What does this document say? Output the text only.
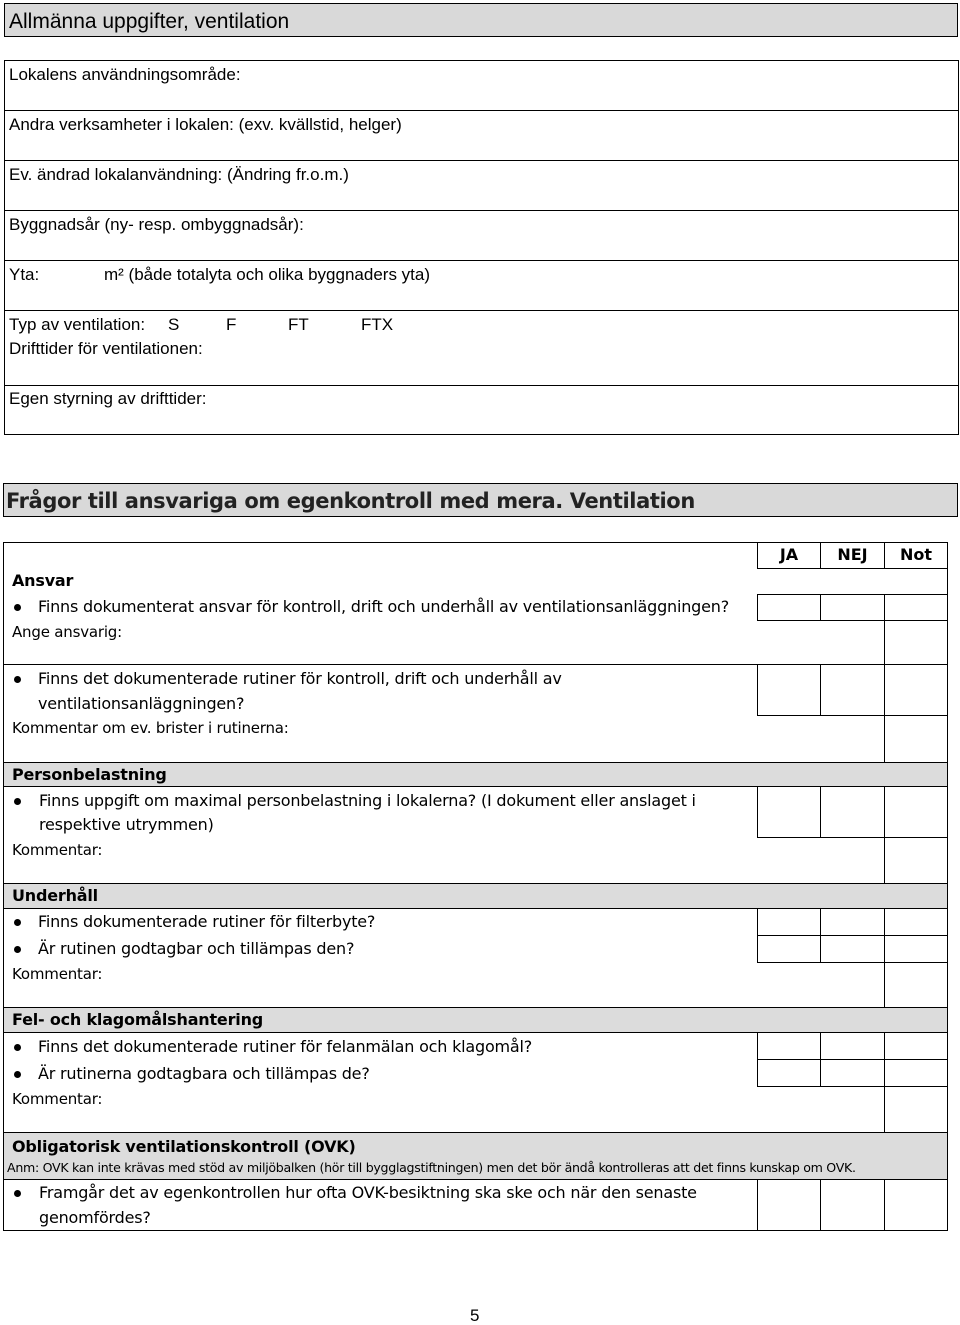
Allmänna uppgifter, ventilation
Lokalens användningsområde:
Andra verksamheter i lokalen: (exv. kvällstid, helger)
Ev. ändrad lokalanvändning: (Ändring fr.o.m.)
Byggnadsår (ny- resp. ombyggnadsår):
Yta:	m² (både totalyta och olika byggnaders yta)
Typ av ventilation: S	F	FT	FTX
Drifttider för ventilationen:
Egen styrning av drifttider:
Frågor till ansvariga om egenkontroll med mera. Ventilation
JA	NEJ	Not
Ansvar
Finns dokumenterat ansvar för kontroll, drift och underhåll av ventilationsanläggningen?
Ange ansvarig:
Finns det dokumenterade rutiner för kontroll, drift och underhåll av
ventilationsanläggningen?
Kommentar om ev. brister i rutinerna:
Personbelastning
Finns uppgift om maximal personbelastning i lokalerna? (I dokument eller anslaget i
respektive utrymmen)
Kommentar:
Underhåll
Finns dokumenterade rutiner för filterbyte?
Är rutinen godtagbar och tillämpas den?
Kommentar:
Fel- och klagomålshantering
Finns det dokumenterade rutiner för felanmälan och klagomål?
Är rutinerna godtagbara och tillämpas de?
Kommentar:
Obligatorisk ventilationskontroll (OVK)
Anm: OVK kan inte krävas med stöd av miljöbalken (hör till bygglagstiftningen) men det bör ändå kontrolleras att det finns kunskap om OVK.
Framgår det av egenkontrollen hur ofta OVK-besiktning ska ske och när den senaste
genomfördes?
5
